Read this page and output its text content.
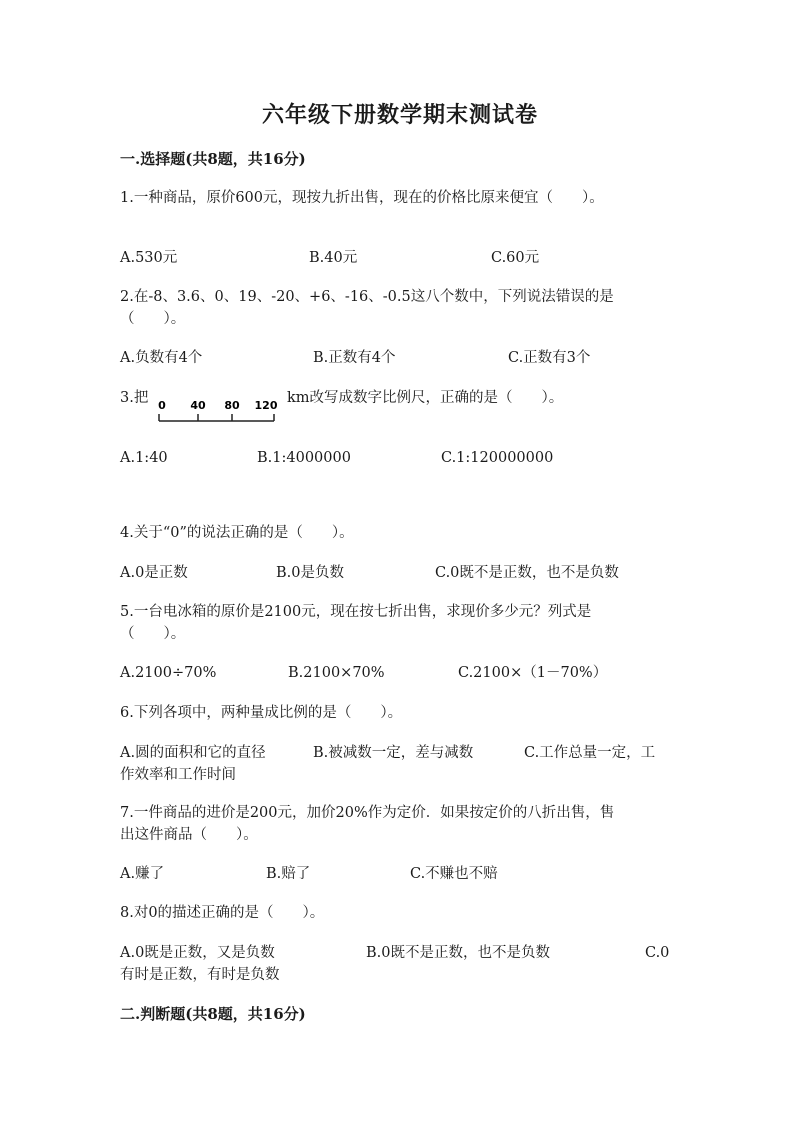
六年级下册数学期末测试卷
一.选择题(共8题，共16分)
1.一种商品，原价600元，现按九折出售，现在的价格比原来便宜（　　）。
A.530元	B.40元	C.60元
2.在-8、3.6、0、19、-20、+6、-16、-0.5这八个数中，下列说法错误的是
（　　）。
A.负数有4个	B.正数有4个	C.正数有3个
3.把 0 40 80 120 km改写成数字比例尺，正确的是（　　）。
A.1:40	B.1:4000000	C.1:120000000
4.关于“0”的说法正确的是（　　）。
A.0是正数	B.0是负数	C.0既不是正数，也不是负数
5.一台电冰箱的原价是2100元，现在按七折出售，求现价多少元？列式是
（　　）。
A.2100÷70%	B.2100×70%	C.2100×（1－70%）
6.下列各项中，两种量成比例的是（　　）。
A.圆的面积和它的直径	B.被减数一定，差与减数	C.工作总量一定，工
作效率和工作时间
7.一件商品的进价是200元，加价20%作为定价．如果按定价的八折出售，售
出这件商品（　　）。
A.赚了	B.赔了	C.不赚也不赔
8.对0的描述正确的是（　　）。
A.0既是正数，又是负数	B.0既不是正数，也不是负数	C.0
有时是正数，有时是负数
二.判断题(共8题，共16分)
